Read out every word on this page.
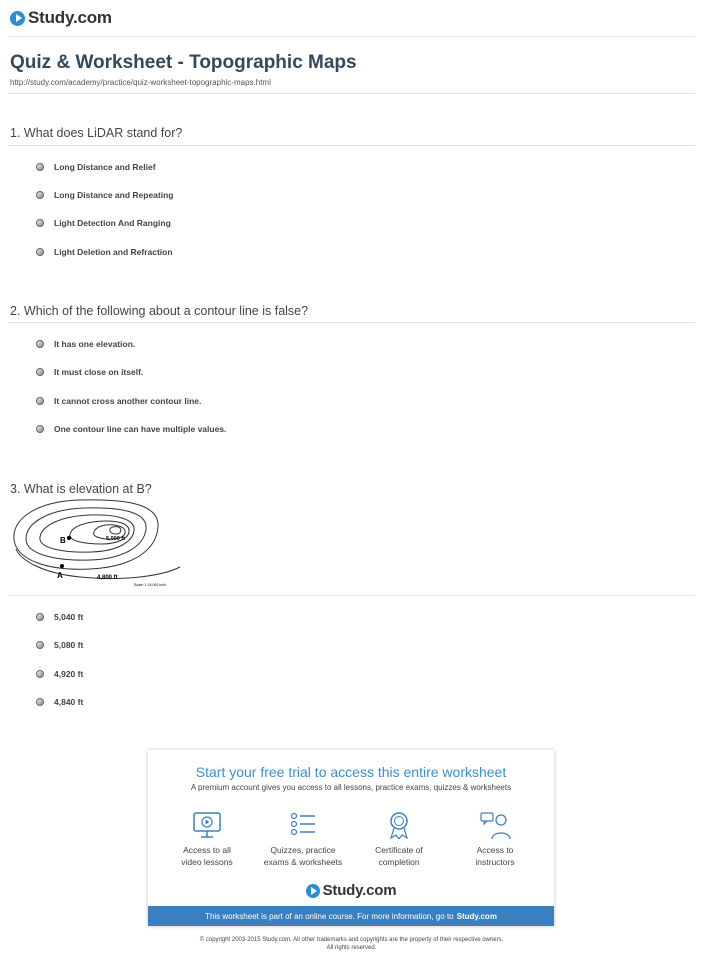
Study.com
Quiz & Worksheet - Topographic Maps
http://study.com/academy/practice/quiz-worksheet-topographic-maps.html
1. What does LiDAR stand for?
Long Distance and Relief
Long Distance and Repeating
Light Detection And Ranging
Light Deletion and Refraction
2. Which of the following about a contour line is false?
It has one elevation.
It must close on itself.
It cannot cross another contour line.
One contour line can have multiple values.
3. What is elevation at B?
B
A
5,000 ft
4,800 ft
Scale: 1:24,000 in/in
5,040 ft
5,080 ft
4,920 ft
4,840 ft
Start your free trial to access this entire worksheet
A premium account gives you access to all lessons, practice exams, quizzes & worksheets
Access to all
video lessons
Quizzes, practice
exams & worksheets
Certificate of
completion
Access to
instructors
Study.com
This worksheet is part of an online course. For more information, go to Study.com
© copyright 2003-2015 Study.com. All other trademarks and copyrights are the property of their respective owners.
All rights reserved.
